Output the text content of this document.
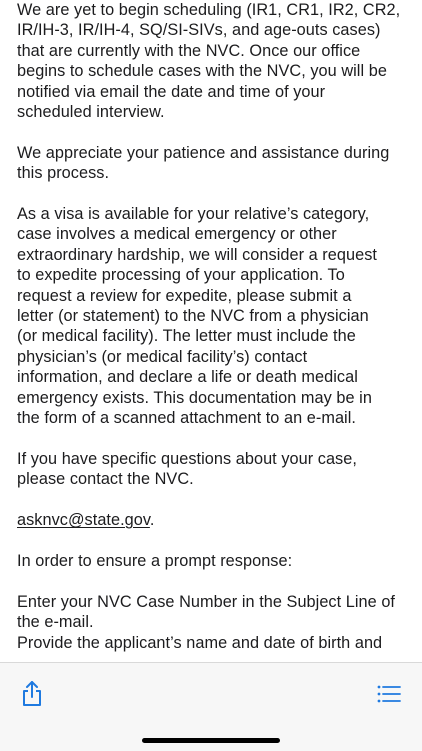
We are yet to begin scheduling (IR1, CR1, IR2, CR2,
IR/IH-3, IR/IH-4, SQ/SI-SIVs, and age-outs cases)
that are currently with the NVC. Once our office
begins to schedule cases with the NVC, you will be
notified via email the date and time of your
scheduled interview.

We appreciate your patience and assistance during
this process.

As a visa is available for your relative’s category,
case involves a medical emergency or other
extraordinary hardship, we will consider a request
to expedite processing of your application. To
request a review for expedite, please submit a
letter (or statement) to the NVC from a physician
(or medical facility). The letter must include the
physician’s (or medical facility’s) contact
information, and declare a life or death medical
emergency exists. This documentation may be in
the form of a scanned attachment to an e-mail.

If you have specific questions about your case,
please contact the NVC.

asknvc@state.gov.

In order to ensure a prompt response:

Enter your NVC Case Number in the Subject Line of
the e-mail.
Provide the applicant’s name and date of birth and
